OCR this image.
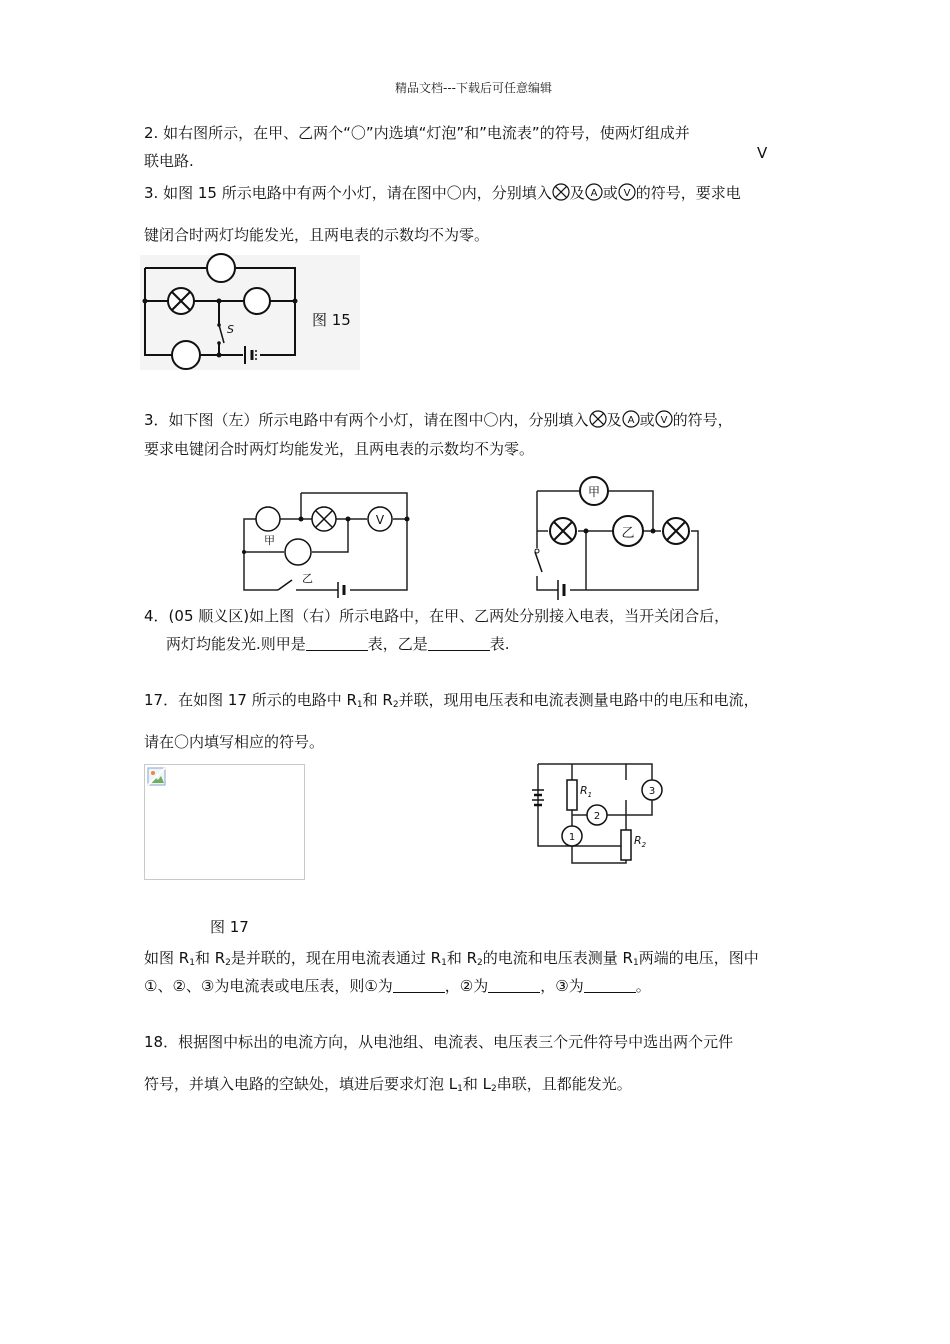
精品文档---下载后可任意编辑
2. 如右图所示，在甲、乙两个“〇”内选填“灯泡”和”电流表”的符号，使两灯组成并
联电路.	V
3. 如图 15 所示电路中有两个小灯，请在图中〇内，分别填入 及 A 或 V 的符号，要求电
键闭合时两灯均能发光，且两电表的示数均不为零。
S
图 15
3．如下图（左）所示电路中有两个小灯，请在图中〇内，分别填入 及 A 或 V 的符号，
要求电键闭合时两灯均能发光，且两电表的示数均不为零。
甲
V
乙
甲
乙
4．(05 顺义区)如上图（右）所示电路中，在甲、乙两处分别接入电表，当开关闭合后，
两灯均能发光.则甲是	表，乙是	表.
17．在如图 17 所示的电路中 $R_1$和 $R_2$并联，现用电压表和电流表测量电路中的电压和电流，
请在〇内填写相应的符号。
$R_1$
$R_2$
3
2
1
图 17
如图 $R_1$和 $R_2$是并联的，现在用电流表通过 $R_1$和 $R_2$的电流和电压表测量 $R_1$两端的电压，图中
①、②、③为电流表或电压表，则①为	，②为	，③为	。
18．根据图中标出的电流方向，从电池组、电流表、电压表三个元件符号中选出两个元件
符号，并填入电路的空缺处，填进后要求灯泡 $L_1$和 $L_2$串联，且都能发光。
